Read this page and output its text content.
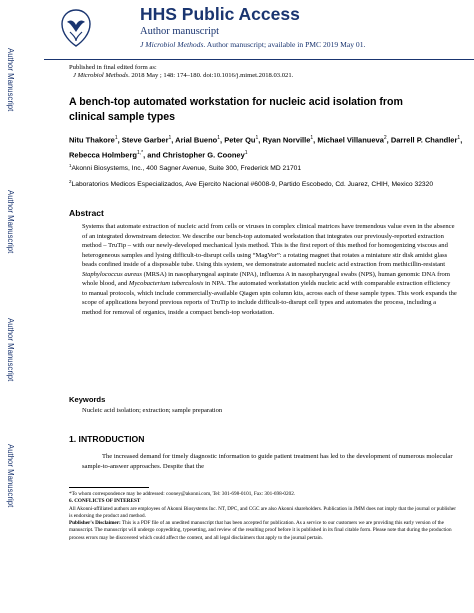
HHS Public Access
Author manuscript
J Microbiol Methods. Author manuscript; available in PMC 2019 May 01.
Author Manuscript
Author Manuscript
Author Manuscript
Author Manuscript
Published in final edited form as:
J Microbiol Methods. 2018 May ; 148: 174–180. doi:10.1016/j.mimet.2018.03.021.
A bench-top automated workstation for nucleic acid isolation from clinical sample types
Nitu Thakore$^1$, Steve Garber$^1$, Arial Bueno$^1$, Peter Qu$^1$, Ryan Norville$^1$, Michael Villanueva$^2$, Darrell P. Chandler$^1$, Rebecca Holmberg$^{1,*}$, and Christopher G. Cooney$^1$
$^1$Akonni Biosystems, Inc., 400 Sagner Avenue, Suite 300, Frederick MD 21701
$^2$Laboratorios Medicos Especializados, Ave Ejercito Nacional #6008-9, Partido Escobedo, Cd. Juarez, CHIH, Mexico 32320
Abstract
Systems that automate extraction of nucleic acid from cells or viruses in complex clinical matrices have tremendous value even in the absence of an integrated downstream detector. We describe our bench-top automated workstation that integrates our previously-reported extraction method – TruTip – with our newly-developed mechanical lysis method. This is the first report of this method for homogenizing viscous and heterogeneous samples and lysing difficult-to-disrupt cells using “MagVor”: a rotating magnet that rotates a miniature stir disk amidst glass beads confined inside of a disposable tube. Using this system, we demonstrate automated nucleic acid extraction from methicillin-resistant Staphylococcus aureus (MRSA) in nasopharyngeal aspirate (NPA), influenza A in nasopharyngeal swabs (NPS), human genomic DNA from whole blood, and Mycobacterium tuberculosis in NPA. The automated workstation yields nucleic acid with comparable extraction efficiency to manual protocols, which include commercially-available Qiagen spin column kits, across each of these sample types. This work expands the scope of applications beyond previous reports of TruTip to include difficult-to-disrupt cell types and automates the process, including a method for removal of organics, inside a compact bench-top workstation.
Keywords
Nucleic acid isolation; extraction; sample preparation
1. INTRODUCTION
The increased demand for timely diagnostic information to guide patient treatment has led to the development of numerous molecular sample-to-answer approaches. Despite that the
*To whom correspondence may be addressed: cooney@akonni.com, Tel: 301-698-0101, Fax: 301-698-0202.
6. CONFLICTS OF INTEREST
All Akonni-affiliated authors are employees of Akonni Biosystems Inc. NT, DPC, and CGC are also Akonni shareholders. Publication in JMM does not imply that the journal or publisher is endorsing the product and method.
Publisher's Disclaimer: This is a PDF file of an unedited manuscript that has been accepted for publication. As a service to our customers we are providing this early version of the manuscript. The manuscript will undergo copyediting, typesetting, and review of the resulting proof before it is published in its final citable form. Please note that during the production process errors may be discovered which could affect the content, and all legal disclaimers that apply to the journal pertain.
